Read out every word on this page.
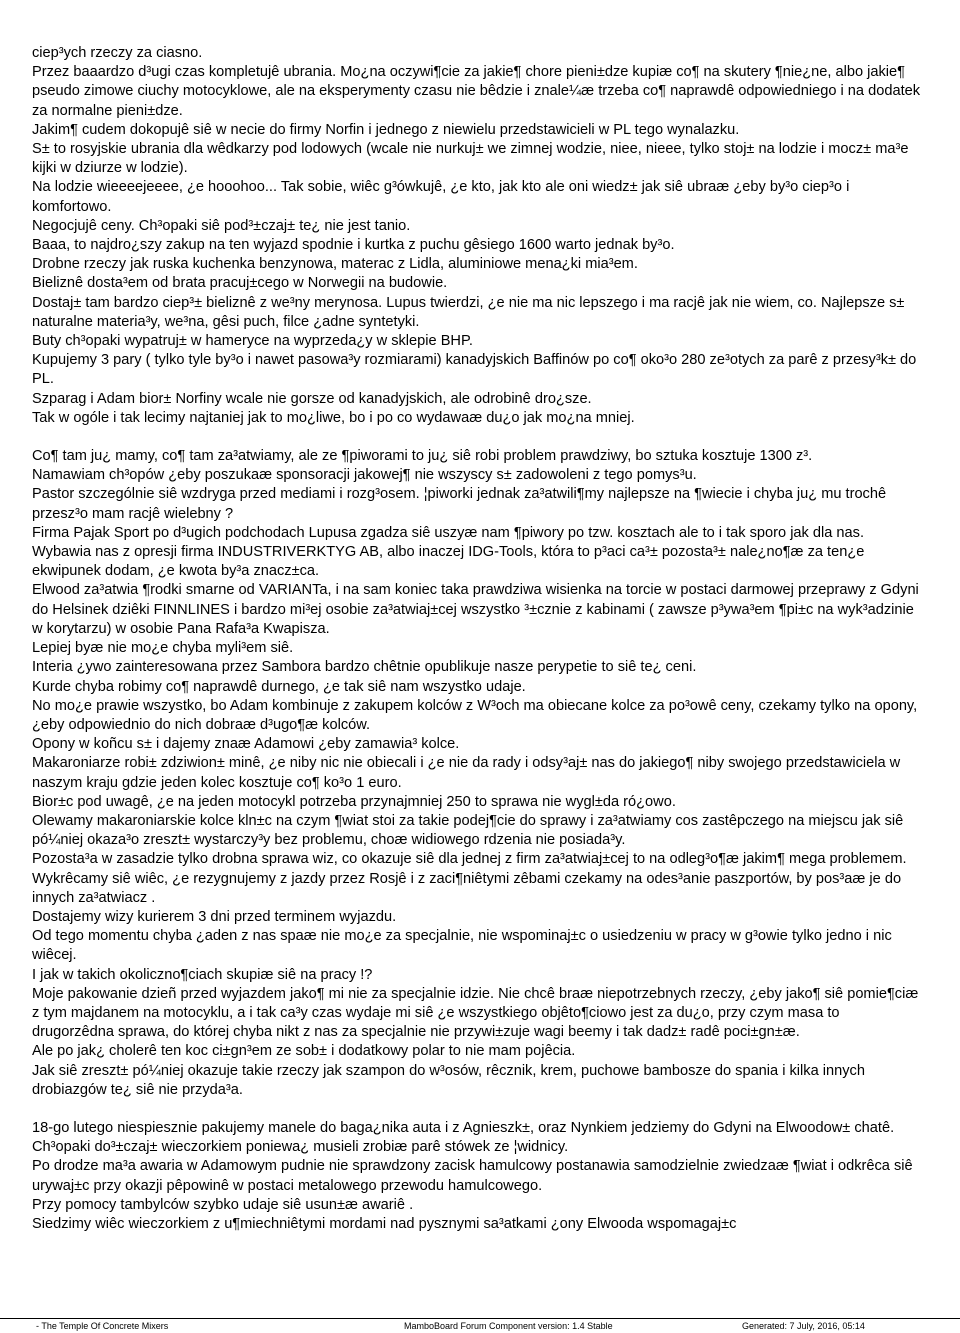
ciep³ych rzeczy za ciasno.
Przez baaardzo d³ugi czas kompletujê ubrania. Mo¿na oczywi¶cie za jakie¶ chore pieni±dze kupiæ co¶ na skutery ¶nie¿ne, albo jakie¶ pseudo zimowe ciuchy motocyklowe, ale na eksperymenty czasu nie bêdzie i znale¼æ trzeba co¶ naprawdê odpowiedniego i na dodatek za normalne pieni±dze.
Jakim¶ cudem dokopujê siê w necie do firmy Norfin i jednego z niewielu przedstawicieli w PL tego wynalazku.
S± to rosyjskie ubrania dla wêdkarzy pod lodowych (wcale nie nurkuj± we zimnej wodzie, niee, nieee, tylko stoj± na lodzie i mocz± ma³e kijki w dziurze w lodzie).
Na lodzie wieeeejeeee, ¿e hooohoo... Tak sobie, wiêc g³ówkujê, ¿e kto, jak kto ale oni wiedz± jak siê ubraæ ¿eby by³o ciep³o i komfortowo.
Negocjujê ceny. Ch³opaki siê pod³±czaj± te¿ nie jest tanio.
Baaa, to najdro¿szy zakup na ten wyjazd spodnie i kurtka z puchu gêsiego 1600 warto jednak by³o.
Drobne rzeczy jak ruska kuchenka benzynowa, materac z Lidla, aluminiowe mena¿ki mia³em.
Bieliznê dosta³em od brata pracuj±cego w Norwegii na budowie.
Dostaj± tam bardzo ciep³± bieliznê z we³ny merynosa. Lupus twierdzi, ¿e nie ma nic lepszego i ma racjê jak nie wiem, co. Najlepsze s± naturalne materia³y, we³na, gêsi puch, filce ¿adne syntetyki.
Buty ch³opaki wypatruj± w hameryce na wyprzeda¿y w sklepie BHP.
Kupujemy 3 pary ( tylko tyle by³o i nawet pasowa³y rozmiarami) kanadyjskich Baffinów po co¶ oko³o 280 ze³otych za parê z przesy³k± do PL.
Szparag i Adam bior± Norfiny wcale nie gorsze od kanadyjskich, ale odrobinê dro¿sze.
Tak w ogóle i tak lecimy najtaniej jak to mo¿liwe, bo i po co wydawaæ du¿o jak mo¿na mniej.
Co¶ tam ju¿ mamy, co¶ tam za³atwiamy, ale ze ¶piworami to ju¿ siê robi problem prawdziwy, bo sztuka kosztuje 1300 z³.
Namawiam ch³opów ¿eby poszukaæ sponsoracji jakowej¶ nie wszyscy s± zadowoleni z tego pomys³u.
Pastor szczególnie siê wzdryga przed mediami i rozg³osem. ¦piworki jednak za³atwili¶my najlepsze na ¶wiecie i chyba ju¿ mu trochê przesz³o mam racjê wielebny ?
Firma Pajak Sport po d³ugich podchodach Lupusa zgadza siê uszyæ nam ¶piwory po tzw. kosztach ale to i tak sporo jak dla nas.
Wybawia nas z opresji firma INDUSTRIVERKTYG AB, albo inaczej IDG-Tools, która to p³aci ca³± pozosta³± nale¿no¶æ za ten¿e ekwipunek dodam, ¿e kwota by³a znacz±ca.
Elwood za³atwia ¶rodki smarne od VARIANTa, i na sam koniec taka prawdziwa wisienka na torcie w postaci darmowej przeprawy z Gdyni do Helsinek dziêki FINNLINES i bardzo mi³ej osobie za³atwiaj±cej wszystko ³±cznie z kabinami ( zawsze p³ywa³em ¶pi±c na wyk³adzinie w korytarzu) w osobie Pana Rafa³a Kwapisza.
Lepiej byæ nie mo¿e chyba myli³em siê.
Interia ¿ywo zainteresowana przez Sambora bardzo chêtnie opublikuje nasze perypetie to siê te¿ ceni.
Kurde chyba robimy co¶ naprawdê durnego, ¿e tak siê nam wszystko udaje.
No mo¿e prawie wszystko, bo Adam kombinuje z zakupem kolców z W³och ma obiecane kolce za po³owê ceny, czekamy tylko na opony, ¿eby odpowiednio do nich dobraæ d³ugo¶æ kolców.
Opony w koñcu s± i dajemy znaæ Adamowi ¿eby zamawia³ kolce.
Makaroniarze robi± zdziwion± minê, ¿e niby nic nie obiecali i ¿e nie da rady i odsy³aj± nas do jakiego¶ niby swojego przedstawiciela w naszym kraju gdzie jeden kolec kosztuje co¶ ko³o 1 euro.
Bior±c pod uwagê, ¿e na jeden motocykl potrzeba przynajmniej 250 to sprawa nie wygl±da ró¿owo.
Olewamy makaroniarskie kolce kln±c na czym ¶wiat stoi za takie podej¶cie do sprawy i za³atwiamy cos zastêpczego na miejscu jak siê pó¼niej okaza³o zreszt± wystarczy³y bez problemu, choæ widiowego rdzenia nie posiada³y.
Pozosta³a w zasadzie tylko drobna sprawa wiz, co okazuje siê dla jednej z firm za³atwiaj±cej to na odleg³o¶æ jakim¶ mega problemem. Wykrêcamy siê wiêc, ¿e rezygnujemy z jazdy przez Rosjê i z zaci¶niêtymi zêbami czekamy na odes³anie paszportów, by pos³aæ je do innych za³atwiacz .
Dostajemy wizy kurierem 3 dni przed terminem wyjazdu.
Od tego momentu chyba ¿aden z nas spaæ nie mo¿e za specjalnie, nie wspominaj±c o usiedzeniu w pracy w g³owie tylko jedno i nic wiêcej.
I jak w takich okoliczno¶ciach skupiæ siê na pracy !?
Moje pakowanie dzieñ przed wyjazdem jako¶ mi nie za specjalnie idzie. Nie chcê braæ niepotrzebnych rzeczy, ¿eby jako¶ siê pomie¶ciæ z tym majdanem na motocyklu, a i tak ca³y czas wydaje mi siê ¿e wszystkiego objêto¶ciowo jest za du¿o, przy czym masa to drugorzêdna sprawa, do której chyba nikt z nas za specjalnie nie przywi±zuje wagi beemy i tak dadz± radê poci±gn±æ.
Ale po jak¿ cholerê ten koc ci±gn³em ze sob± i dodatkowy polar to nie mam pojêcia.
Jak siê zreszt± pó¼niej okazuje takie rzeczy jak szampon do w³osów, rêcznik, krem, puchowe bambosze do spania i kilka innych drobiazgów te¿ siê nie przyda³a.
18-go lutego niespiesznie pakujemy manele do baga¿nika auta i z Agnieszk±, oraz Nynkiem jedziemy do Gdyni na Elwoodow± chatê. Ch³opaki do³±czaj± wieczorkiem poniewa¿ musieli zrobiæ parê stówek ze ¦widnicy.
Po drodze ma³a awaria w Adamowym pudnie nie sprawdzony zacisk hamulcowy postanawia samodzielnie zwiedzaæ ¶wiat i odkrêca siê urywaj±c przy okazji pêpowinê w postaci metalowego przewodu hamulcowego.
Przy pomocy tambylców szybko udaje siê usun±æ awariê .
Siedzimy wiêc wieczorkiem z u¶miechniêtymi mordami nad pysznymi sa³atkami ¿ony Elwooda wspomagaj±c
- The Temple Of Concrete Mixers	MamboBoard Forum Component version: 1.4 Stable	Generated: 7 July, 2016, 05:14
